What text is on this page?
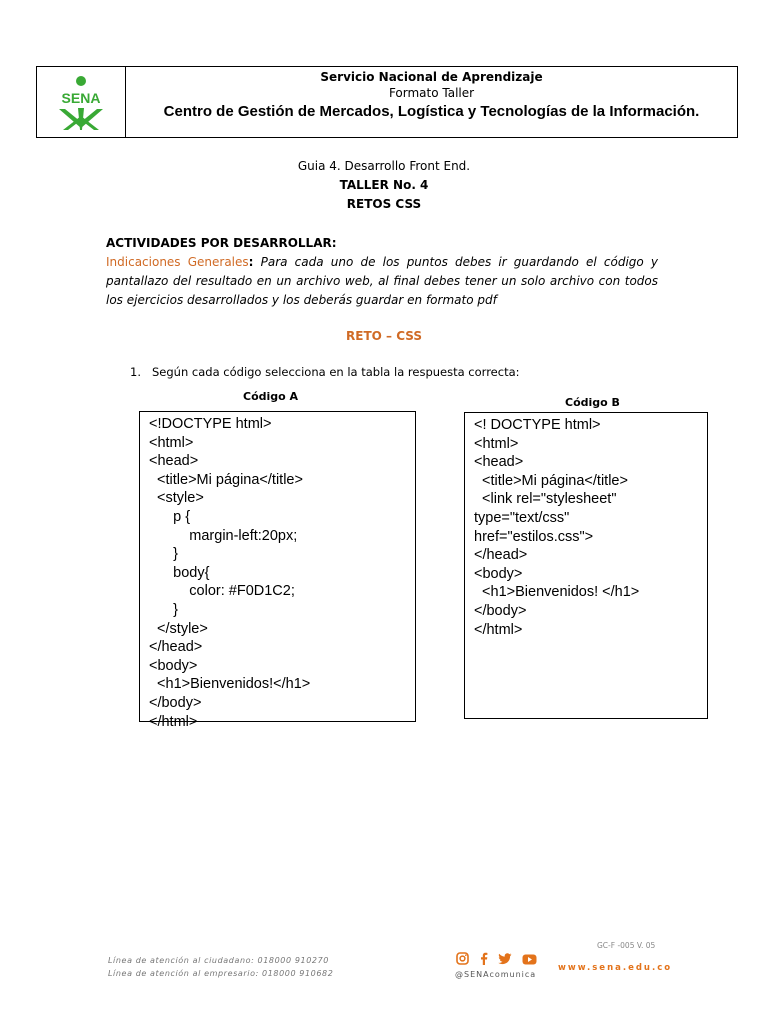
SENA
Servicio Nacional de Aprendizaje
Formato Taller
Centro de Gestión de Mercados, Logística y Tecnologías de la Información.
Guia 4. Desarrollo Front End.
TALLER No. 4
RETOS CSS
ACTIVIDADES POR DESARROLLAR:
Indicaciones Generales: Para cada uno de los puntos debes ir guardando el código y pantallazo del resultado en un archivo web, al final debes tener un solo archivo con todos los ejercicios desarrollados y los deberás guardar en formato pdf
RETO – CSS
1. Según cada código selecciona en la tabla la respuesta correcta:
Código A
<!DOCTYPE html>
<html>
<head>
<title>Mi página</title>
<style>
p {
margin-left:20px;
}
body{
color: #F0D1C2;
}
</style>
</head>
<body>
<h1>Bienvenidos!</h1>
</body>
</html>
Código B
<! DOCTYPE html>
<html>
<head>
<title>Mi página</title>
<link rel="stylesheet"
type="text/css"
href="estilos.css">
</head>
<body>
<h1>Bienvenidos! </h1>
</body>
</html>
GC-F -005 V. 05
Línea de atención al ciudadano: 018000 910270
Línea de atención al empresario: 018000 910682	@SENAcomunica
www.sena.edu.co
